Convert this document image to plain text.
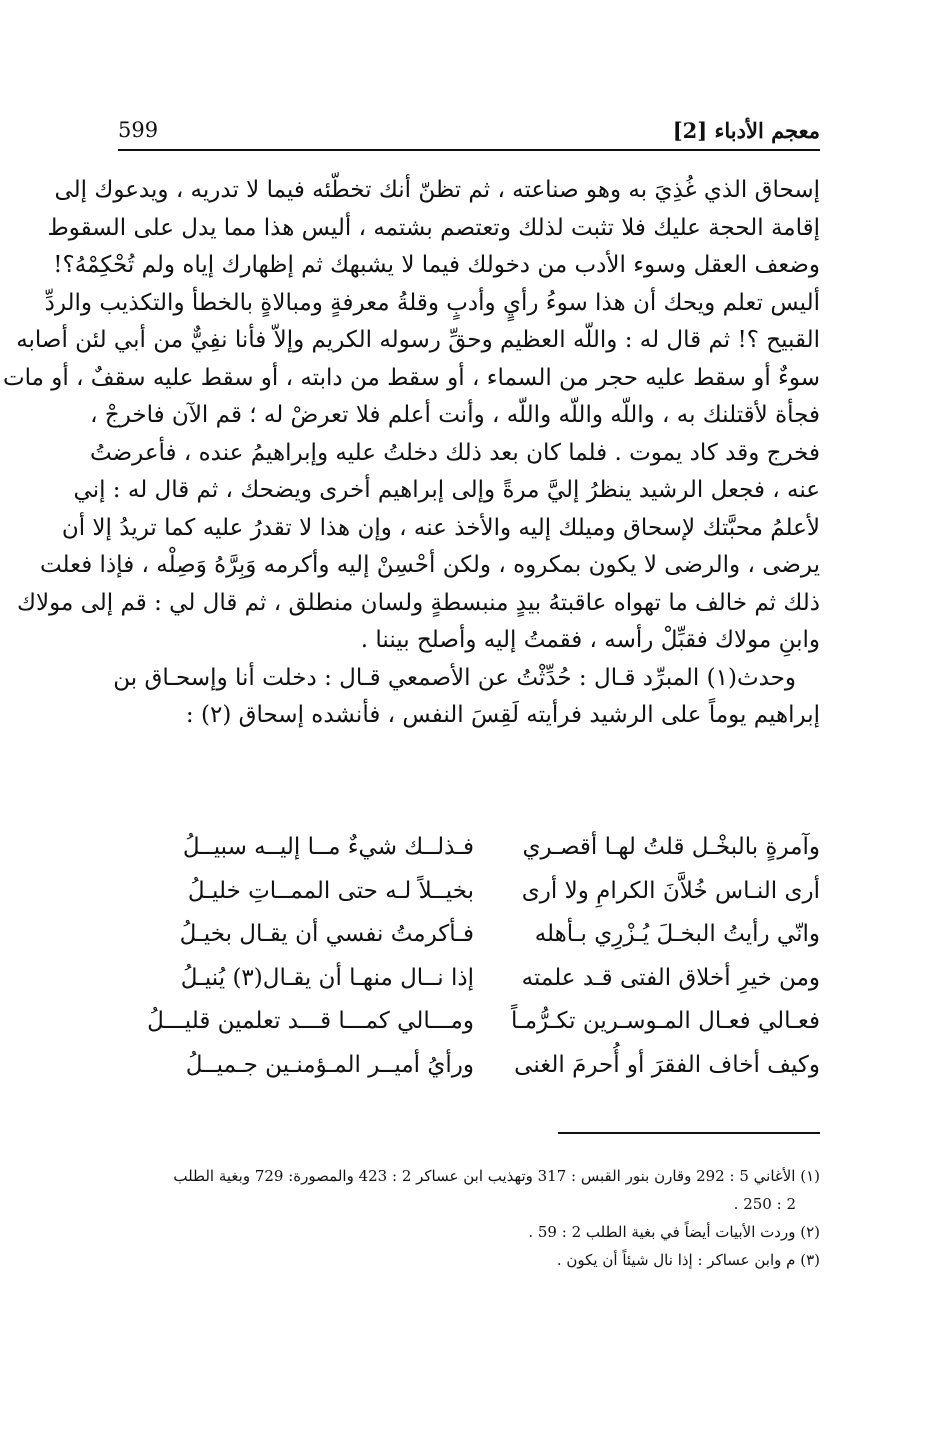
599	معجم الأدباء [2]
إسحاق الذي غُذِيَ به وهو صناعته ، ثم تظنّ أنك تخطّئه فيما لا تدريه ، ويدعوك إلى
إقامة الحجة عليك فلا تثبت لذلك وتعتصم بشتمه ، أليس هذا مما يدل على السقوط
وضعف العقل وسوء الأدب من دخولك فيما لا يشبهك ثم إظهارك إياه ولم تُحْكِمْهُ؟!
أليس تعلم ويحك أن هذا سوءُ رأيٍ وأدبٍ وقلةُ معرفةٍ ومبالاةٍ بالخطأ والتكذيب والردِّ
القبيح ؟! ثم قال له : واللّه العظيم وحقِّ رسوله الكريم وإلاّ فأنا نفِيٌّ من أبي لئن أصابه
سوءٌ أو سقط عليه حجر من السماء ، أو سقط من دابته ، أو سقط عليه سقفٌ ، أو مات
فجأة لأقتلنك به ، واللّه واللّه واللّه ، وأنت أعلم فلا تعرضْ له ؛ قم الآن فاخرجْ ،
فخرج وقد كاد يموت . فلما كان بعد ذلك دخلتُ عليه وإبراهيمُ عنده ، فأعرضتُ
عنه ، فجعل الرشيد ينظرُ إليَّ مرةً وإلى إبراهيم أخرى ويضحك ، ثم قال له : إني
لأعلمُ محبَّتك لإسحاق وميلك إليه والأخذ عنه ، وإن هذا لا تقدرُ عليه كما تريدُ إلا أن
يرضى ، والرضى لا يكون بمكروه ، ولكن أحْسِنْ إليه وأكرمه وَبِرَّهُ وَصِلْه ، فإذا فعلت
ذلك ثم خالف ما تهواه عاقبتهُ بيدٍ منبسطةٍ ولسان منطلق ، ثم قال لي : قم إلى مولاك
وابنِ مولاك فقبِّلْ رأسه ، فقمتُ إليه وأصلح بيننا .
وحدث(١) المبرِّد قـال : حُدِّثْتُ عن الأصمعي قـال : دخلت أنا وإسحـاق بن
إبراهيم يوماً على الرشيد فرأيته لَقِسَ النفس ، فأنشده إسحاق (٢) :
وآمرةٍ بالبخْـل قلتُ لهـا أقصـري
فـذلــك شيءٌ مــا إليــه سبيــلُ
أرى النـاس خُلاَّنَ الكرامِ ولا أرى
بخيــلاً لـه حتى الممــاتِ خليـلُ
وانّي رأيتُ البخـلَ يُـزْرِي بـأهله
فـأكرمتُ نفسي أن يقـال بخيـلُ
ومن خيرِ أخلاق الفتى قـد علمته
إذا نــال منهـا أن يقـال(٣) يُنيـلُ
فعـالي فعـال المـوسـرين تكـرُّمـاً
ومـــالي كمـــا قـــد تعلمين قليـــلُ
وكيف أخاف الفقرَ أو أُحرمَ الغنى
ورأيُ أميــر المـؤمنـين جـميــلُ
(١) الأغاني 5 : 292 وقارن بنور القبس : 317 وتهذيب ابن عساكر 2 : 423 والمصورة: 729 وبغية الطلب
2 : 250 .
(٢) وردت الأبيات أيضاً في بغية الطلب 2 : 59 .
(٣) م وابن عساكر : إذا نال شيئاً أن يكون .
